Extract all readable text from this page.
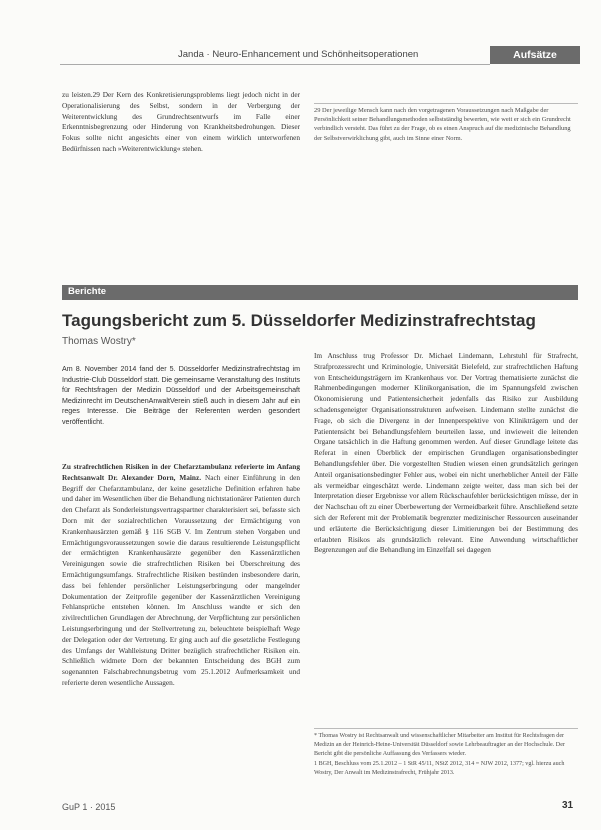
Janda · Neuro-Enhancement und Schönheitsoperationen	Aufsätze

zu leisten.29 Der Kern des Konkretisierungsproblems liegt jedoch nicht in der Operationalisierung des Selbst, sondern in der Verbergung der Weiterentwicklung des Grundrechtsentwurfs im Falle einer Erkenntnisbegrenzung oder Hinderung von Krankheitsbedrohungen. Dieser Fokus sollte nicht angesichts einer von einem wirklich unterworfenen Bedürfnissen nach »Weiterentwicklung« stehen.

29 Der jeweilige Mensch kann nach den vorgetragenen Voraussetzungen nach Maßgabe der Persönlichkeit seiner Behandlungsmethoden selbstständig bewerten, wie weit er sich ein Grundrecht verbindlich versteht. Das führt zu der Frage, ob es einen Anspruch auf die medizinische Behandlung der Selbstverwirklichung gibt, auch im Sinne einer Norm.
Berichte
Tagungsbericht zum 5. Düsseldorfer Medizinstrafrechtstag
Thomas Wostry*
Am 8. November 2014 fand der 5. Düsseldorfer Medizinstrafrechtstag im Industrie-Club Düsseldorf statt. Die gemeinsame Veranstaltung des Instituts für Rechtsfragen der Medizin Düsseldorf und der Arbeitsgemeinschaft Medizinrecht im DeutschenAnwaltVerein stieß auch in diesem Jahr auf ein reges Interesse. Die Beiträge der Referenten werden gesondert veröffentlicht.

Zu strafrechtlichen Risiken in der Chefarztambulanz referierte im Anfang Rechtsanwalt Dr. Alexander Dorn, Mainz. Nach einer Einführung in den Begriff der Chefarztambulanz, der keine gesetzliche Definition erfahren habe und daher im Wesentlichen über die Behandlung nichtstationärer Patienten durch den Chefarzt als Sonderleistungsvertragspartner charakterisiert sei, befasste sich Dorn mit der sozialrechtlichen Voraussetzung der Ermächtigung von Krankenhausärzten gemäß § 116 SGB V. Im Zentrum stehen Vorgaben und Ermächtigungsvoraussetzungen sowie die daraus resultierende Leistungspflicht der ermächtigten Krankenhausärzte gegenüber den Kassenärztlichen Vereinigungen sowie die strafrechtlichen Risiken bei Überschreitung des Ermächtigungsumfangs. Strafrechtliche Risiken bestünden insbesondere darin, dass bei fehlender persönlicher Leistungserbringung oder mangelnder Dokumentation der Zeitprofile gegenüber der Kassenärztlichen Vereinigung Fehlansprüche entstehen können. Im Anschluss wandte er sich den zivilrechtlichen Grundlagen der Abrechnung, der Verpflichtung zur persönlichen Leistungserbringung und der Stellvertretung zu, beleuchtete beispielhaft Wege der Delegation oder der Vertretung. Er ging auch auf die gesetzliche Festlegung des Umfangs der Wahlleistung Dritter bezüglich strafrechtlicher Risiken ein. Schließlich widmete Dorn der bekannten Entscheidung des BGH zum sogenannten Falschabrechnungsbetrug vom 25.1.2012 Aufmerksamkeit und referierte deren wesentliche Aussagen.

Im Anschluss trug Professor Dr. Michael Lindemann, Lehrstuhl für Strafrecht, Strafprozessrecht und Kriminologie, Universität Bielefeld, zur strafrechtlichen Haftung von Entscheidungsträgern im Krankenhaus vor. Der Vortrag thematisierte zunächst die Rahmenbedingungen moderner Klinikorganisation, die im Spannungsfeld zwischen Ökonomisierung und Patientensicherheit jedenfalls das Risiko zur Ausbildung schadensgeneigter Organisationsstrukturen aufweisen. Lindemann stellte zunächst die Frage, ob sich die Divergenz in der Innenperspektive von Klinikträgern und der Patientensicht bei Behandlungsfehlern beurteilen lasse, und inwieweit die leitenden Organe tatsächlich in die Haftung genommen werden. Auf dieser Grundlage leitete das Referat in einen Überblick der empirischen Grundlagen organisationsbedingter Behandlungsfehler über. Die vorgestellten Studien wiesen einen grundsätzlich geringen Anteil organisationsbedingter Fehler aus, wobei ein nicht unerheblicher Anteil der Fälle als vermeidbar eingeschätzt werde. Lindemann zeigte weiter, dass man sich bei der Interpretation dieser Ergebnisse vor allem Rückschaufehler berücksichtigen müsse, der in der Nachschau oft zu einer Überbewertung der Vermeidbarkeit führe. Anschließend setzte sich der Referent mit der Problematik begrenzter medizinischer Ressourcen auseinander und erläuterte die Berücksichtigung dieser Limitierungen bei der Bestimmung des erlaubten Risikos als grundsätzlich relevant. Eine Anwendung wirtschaftlicher Begrenzungen auf die Behandlung im Einzelfall sei dagegen

* Thomas Wostry ist Rechtsanwalt und wissenschaftlicher Mitarbeiter am Institut für Rechtsfragen der Medizin an der Heinrich-Heine-Universität Düsseldorf sowie Lehrbeauftragter an der Hochschule. Der Bericht gibt die persönliche Auffassung des Verfassers wieder.

1 BGH, Beschluss vom 25.1.2012 – 1 StR 45/11, NStZ 2012, 314 = NJW 2012, 1377; vgl. hierzu auch Wostry, Der Anwalt im Medizinstrafrecht, Frühjahr 2013.

GuP 1 · 2015	31
